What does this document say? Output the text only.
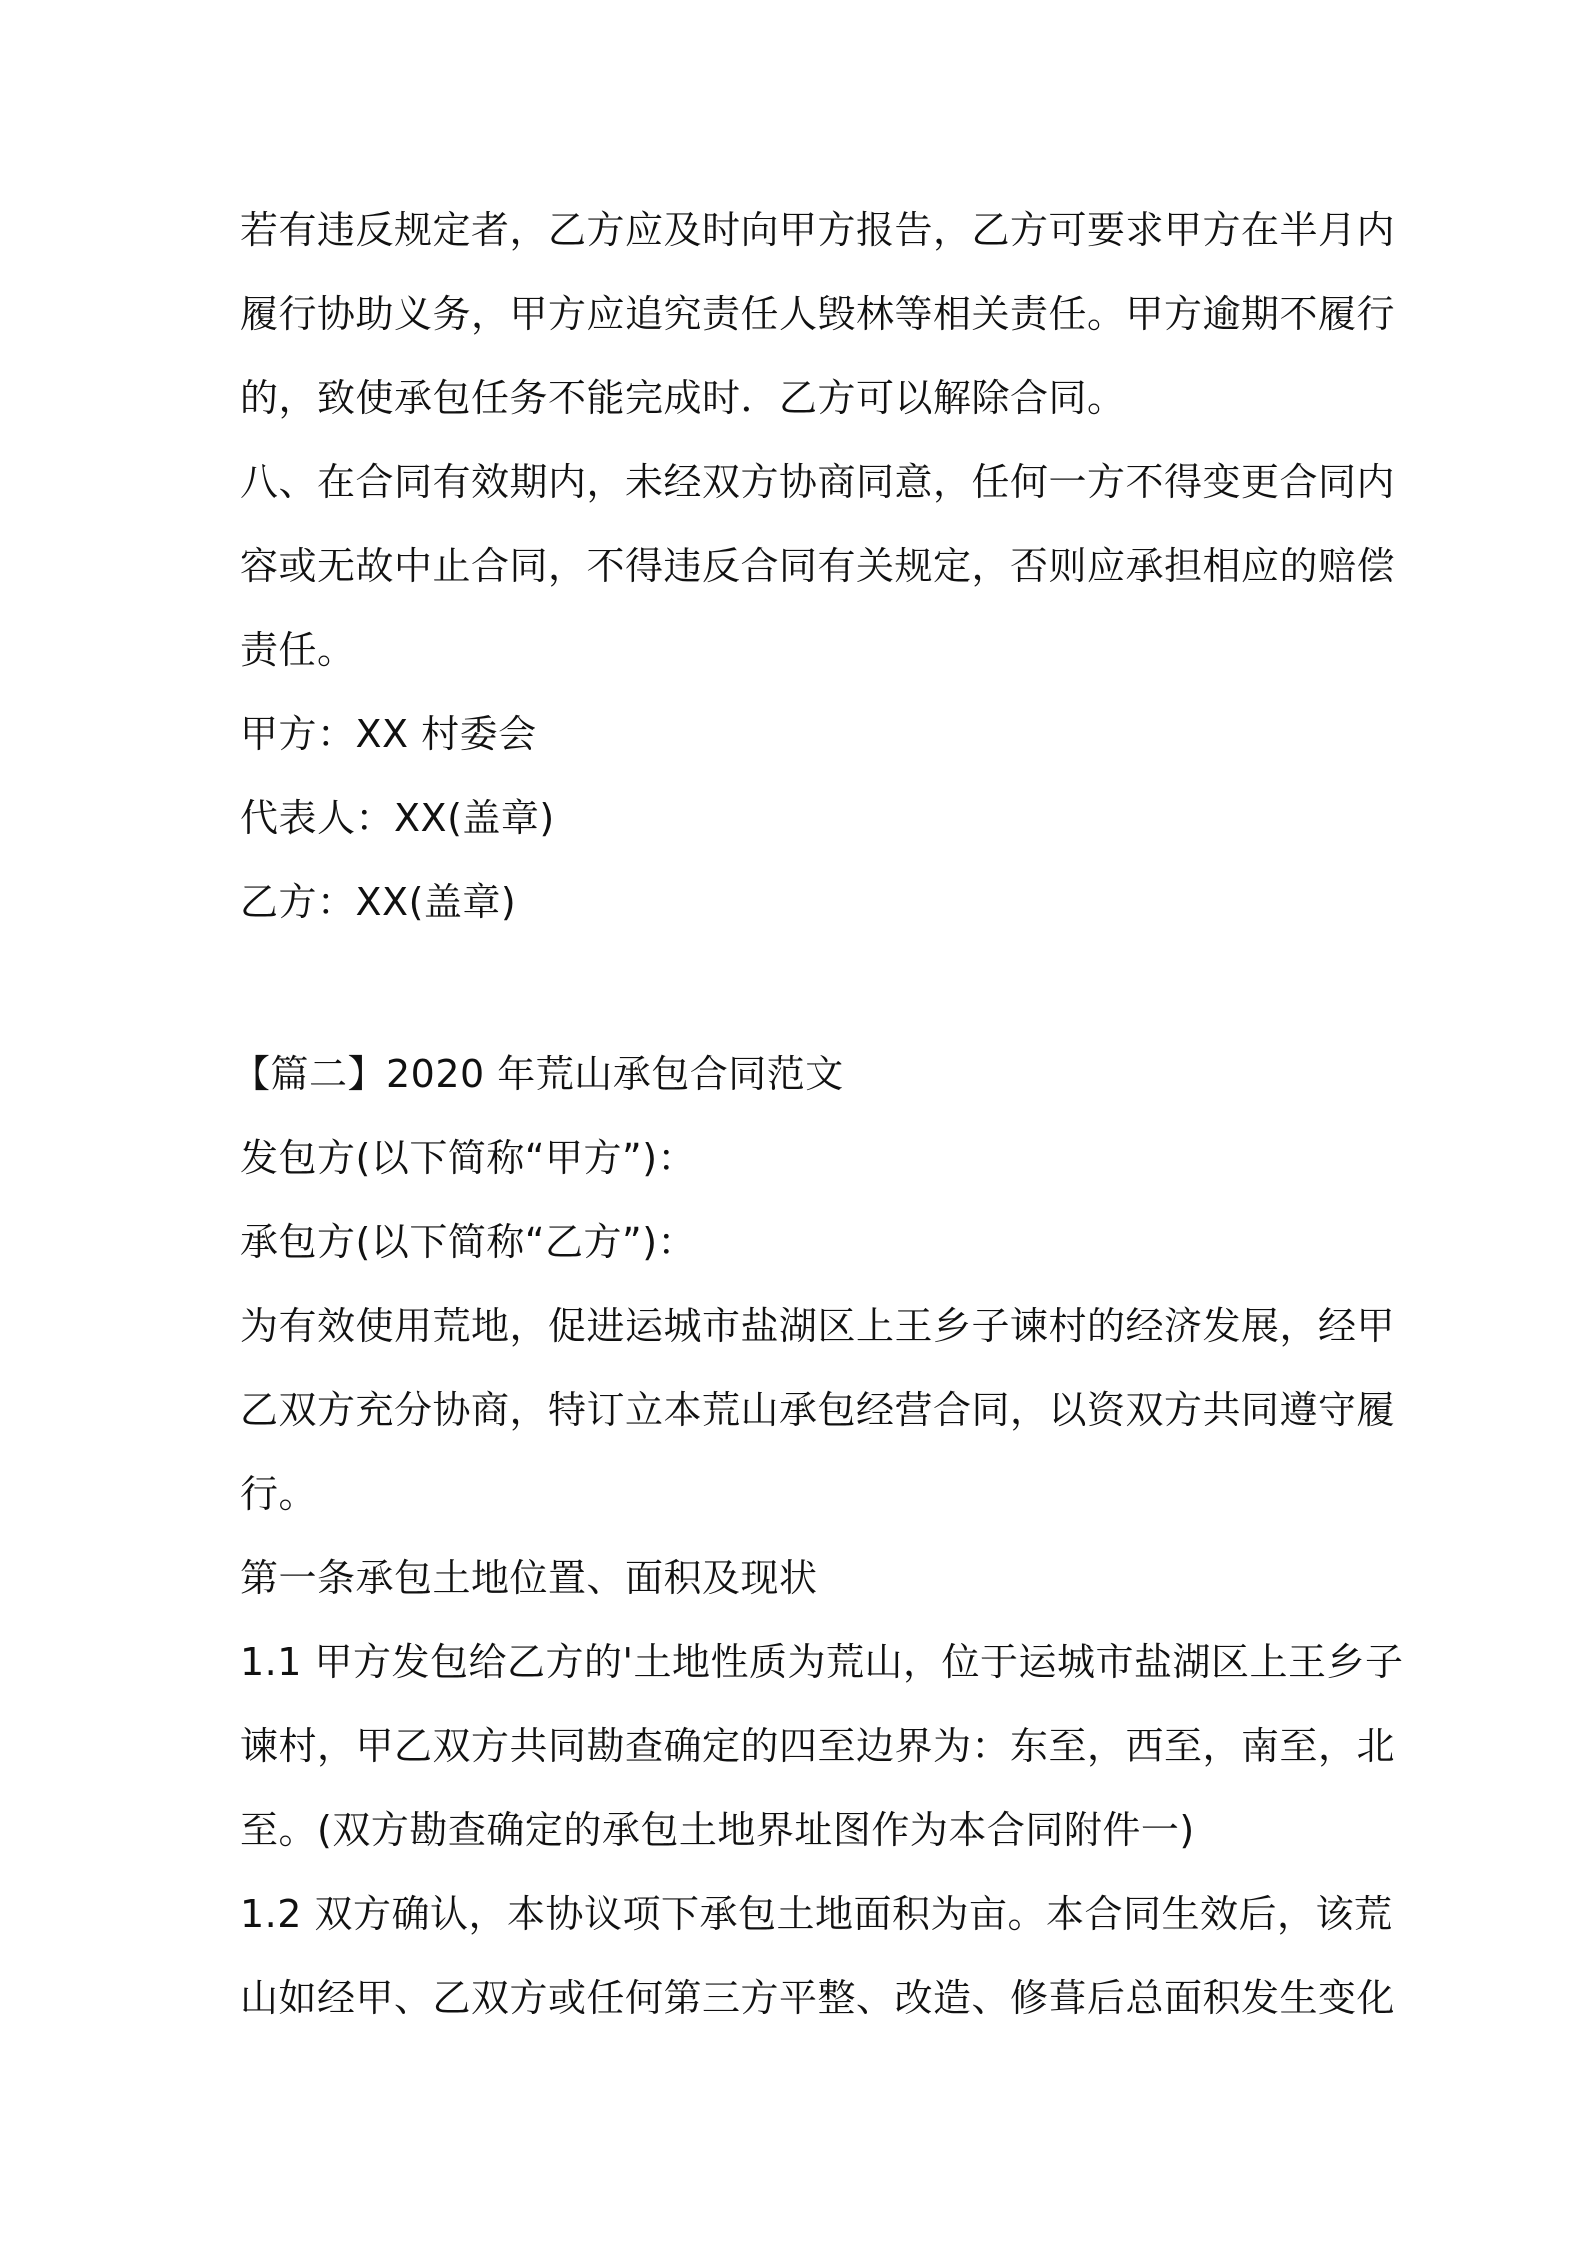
若有违反规定者，乙方应及时向甲方报告，乙方可要求甲方在半月内
履行协助义务，甲方应追究责任人毁林等相关责任。甲方逾期不履行
的，致使承包任务不能完成时．乙方可以解除合同。
八、在合同有效期内，未经双方协商同意，任何一方不得变更合同内
容或无故中止合同，不得违反合同有关规定，否则应承担相应的赔偿
责任。
甲方：XX 村委会
代表人：XX(盖章)
乙方：XX(盖章)
【篇二】2020 年荒山承包合同范文
发包方(以下简称“甲方”)：
承包方(以下简称“乙方”)：
为有效使用荒地，促进运城市盐湖区上王乡子谏村的经济发展，经甲
乙双方充分协商，特订立本荒山承包经营合同，以资双方共同遵守履
行。
第一条承包土地位置、面积及现状
1.1 甲方发包给乙方的'土地性质为荒山，位于运城市盐湖区上王乡子
谏村，甲乙双方共同勘查确定的四至边界为：东至，西至，南至，北
至。(双方勘查确定的承包土地界址图作为本合同附件一)
1.2 双方确认，本协议项下承包土地面积为亩。本合同生效后，该荒
山如经甲、乙双方或任何第三方平整、改造、修葺后总面积发生变化
